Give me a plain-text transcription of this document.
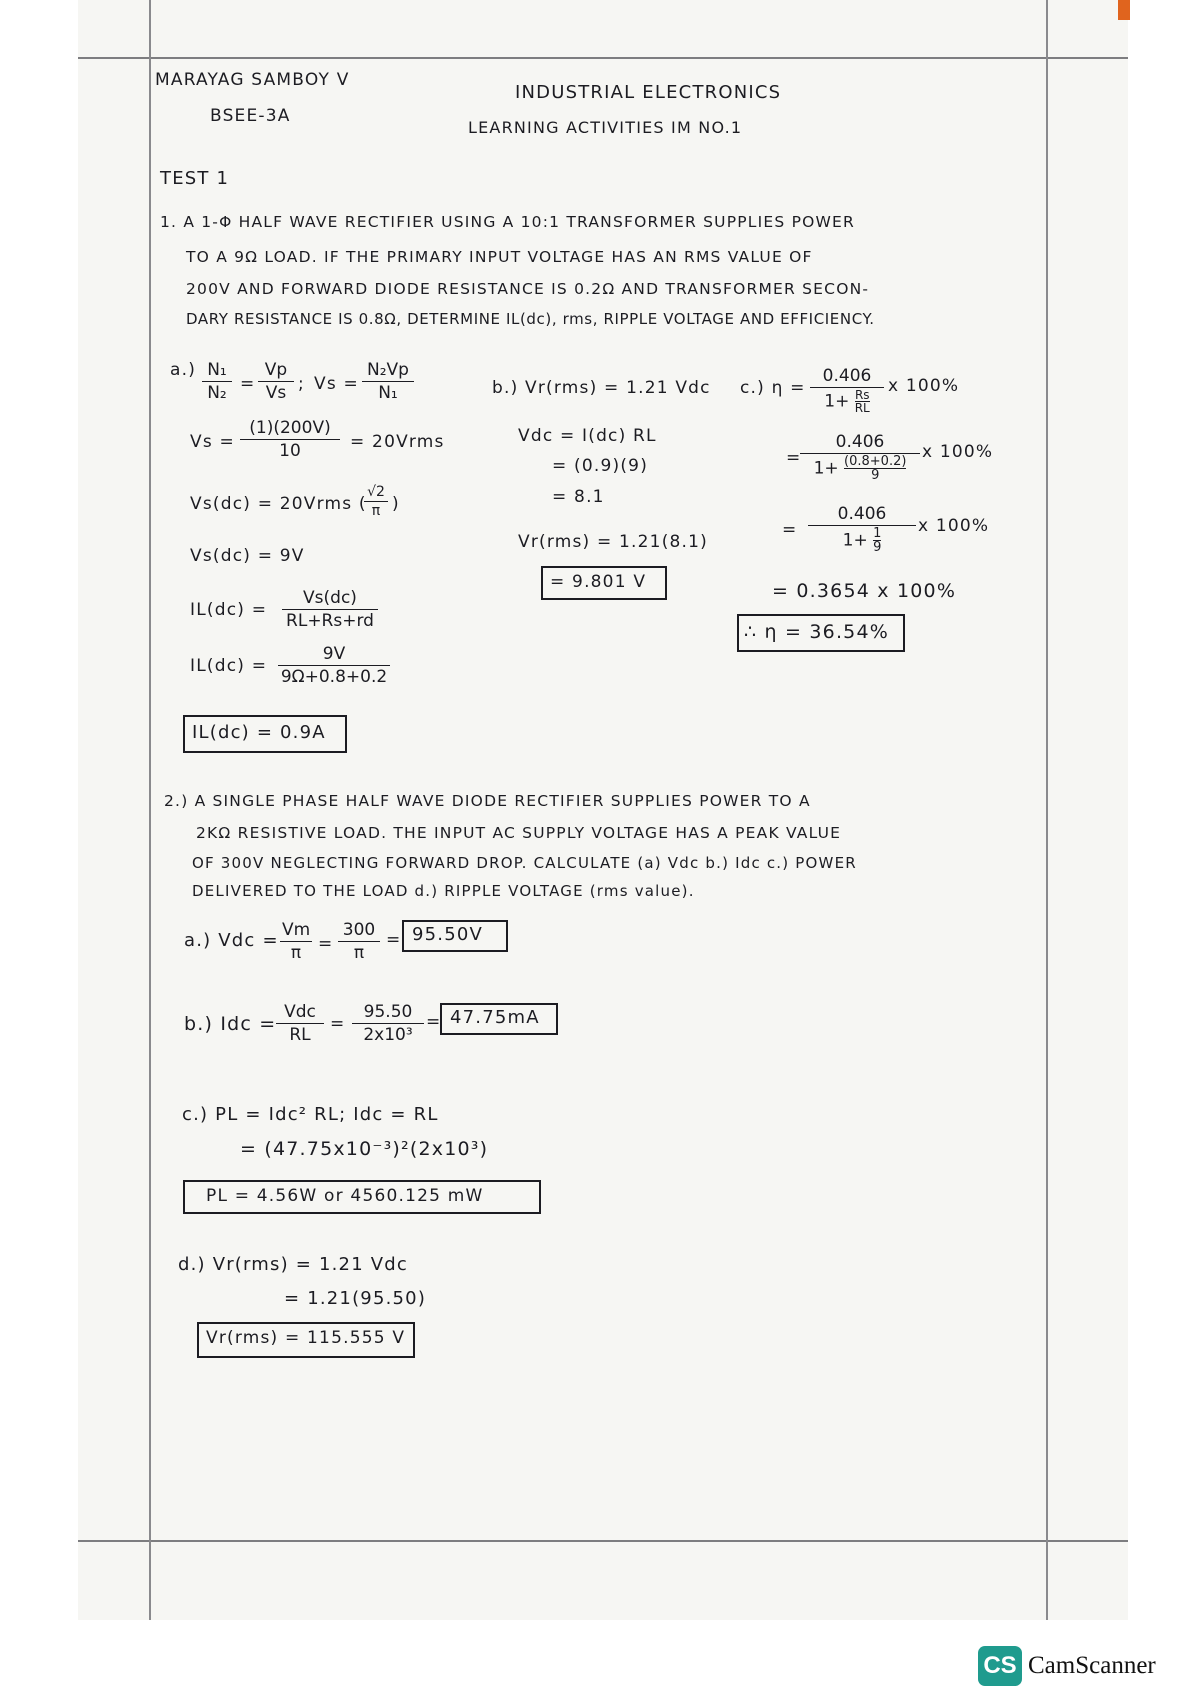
MARAYAG SAMBOY V
BSEE-3A
INDUSTRIAL ELECTRONICS
LEARNING ACTIVITIES IM NO.1
TEST 1
1. A 1-Φ HALF WAVE RECTIFIER USING A 10:1 TRANSFORMER SUPPLIES POWER
TO A 9Ω LOAD. IF THE PRIMARY INPUT VOLTAGE HAS AN RMS VALUE OF
200V AND FORWARD DIODE RESISTANCE IS 0.2Ω AND TRANSFORMER SECON-
DARY RESISTANCE IS 0.8Ω, DETERMINE IL(dc), rms, RIPPLE VOLTAGE AND EFFICIENCY.
$a.) \frac{\text{N₁}}{\text{N₂}} = \frac{Vp}{Vs}$ ; $Vs = \frac{\text{N₂Vp}}{\text{N₁}}$
$Vs = \frac{(1)(200V)}{10}$ = 20Vrms
Vs(dc) = 20Vrms (
$\frac{√2}{\pi}$ )
Vs(dc) = 9V
$IL(dc) = \frac{Vs(dc)}{RL+Rs+rd}$
$IL(dc) = \frac{9V}{9\Omega+0.8+0.2}$
IL(dc) = 0.9A
b.) Vr(rms) = 1.21 Vdc
Vdc = I(dc) RL
= (0.9)(9)
= 8.1
Vr(rms) = 1.21(8.1)
= 9.801 V
c.) η =
0.406
$1+ \frac{Rs}{RL}$
x 100%
=
$\frac{0.406}{1+ \frac{(0.8+0.2)}{9}}$ x 100%
= $\frac{0.406}{1+ \frac{1}{9}}$ x 100%
= 0.3654 x 100%
∴ η = 36.54%
2.) A SINGLE PHASE HALF WAVE DIODE RECTIFIER SUPPLIES POWER TO A
2KΩ RESISTIVE LOAD. THE INPUT AC SUPPLY VOLTAGE HAS A PEAK VALUE
OF 300V NEGLECTING FORWARD DROP. CALCULATE (a) Vdc b.) Idc c.) POWER
DELIVERED TO THE LOAD d.) RIPPLE VOLTAGE (rms value).
a.) Vdc = $\frac{Vm}{\pi} = \frac{300}{\pi} = 95.50V$
b.) Idc =
Vdc
RL
= $\frac{95.50}{\text{2x10³}} = 47.75mA$
c.) PL = Idc² RL; Idc = RL
= (47.75x10⁻³)²(2x10³)
PL = 4.56W or 4560.125 mW
d.) Vr(rms) = 1.21 Vdc
= 1.21(95.50)
Vr(rms) = 115.555 V
CS CamScanner
